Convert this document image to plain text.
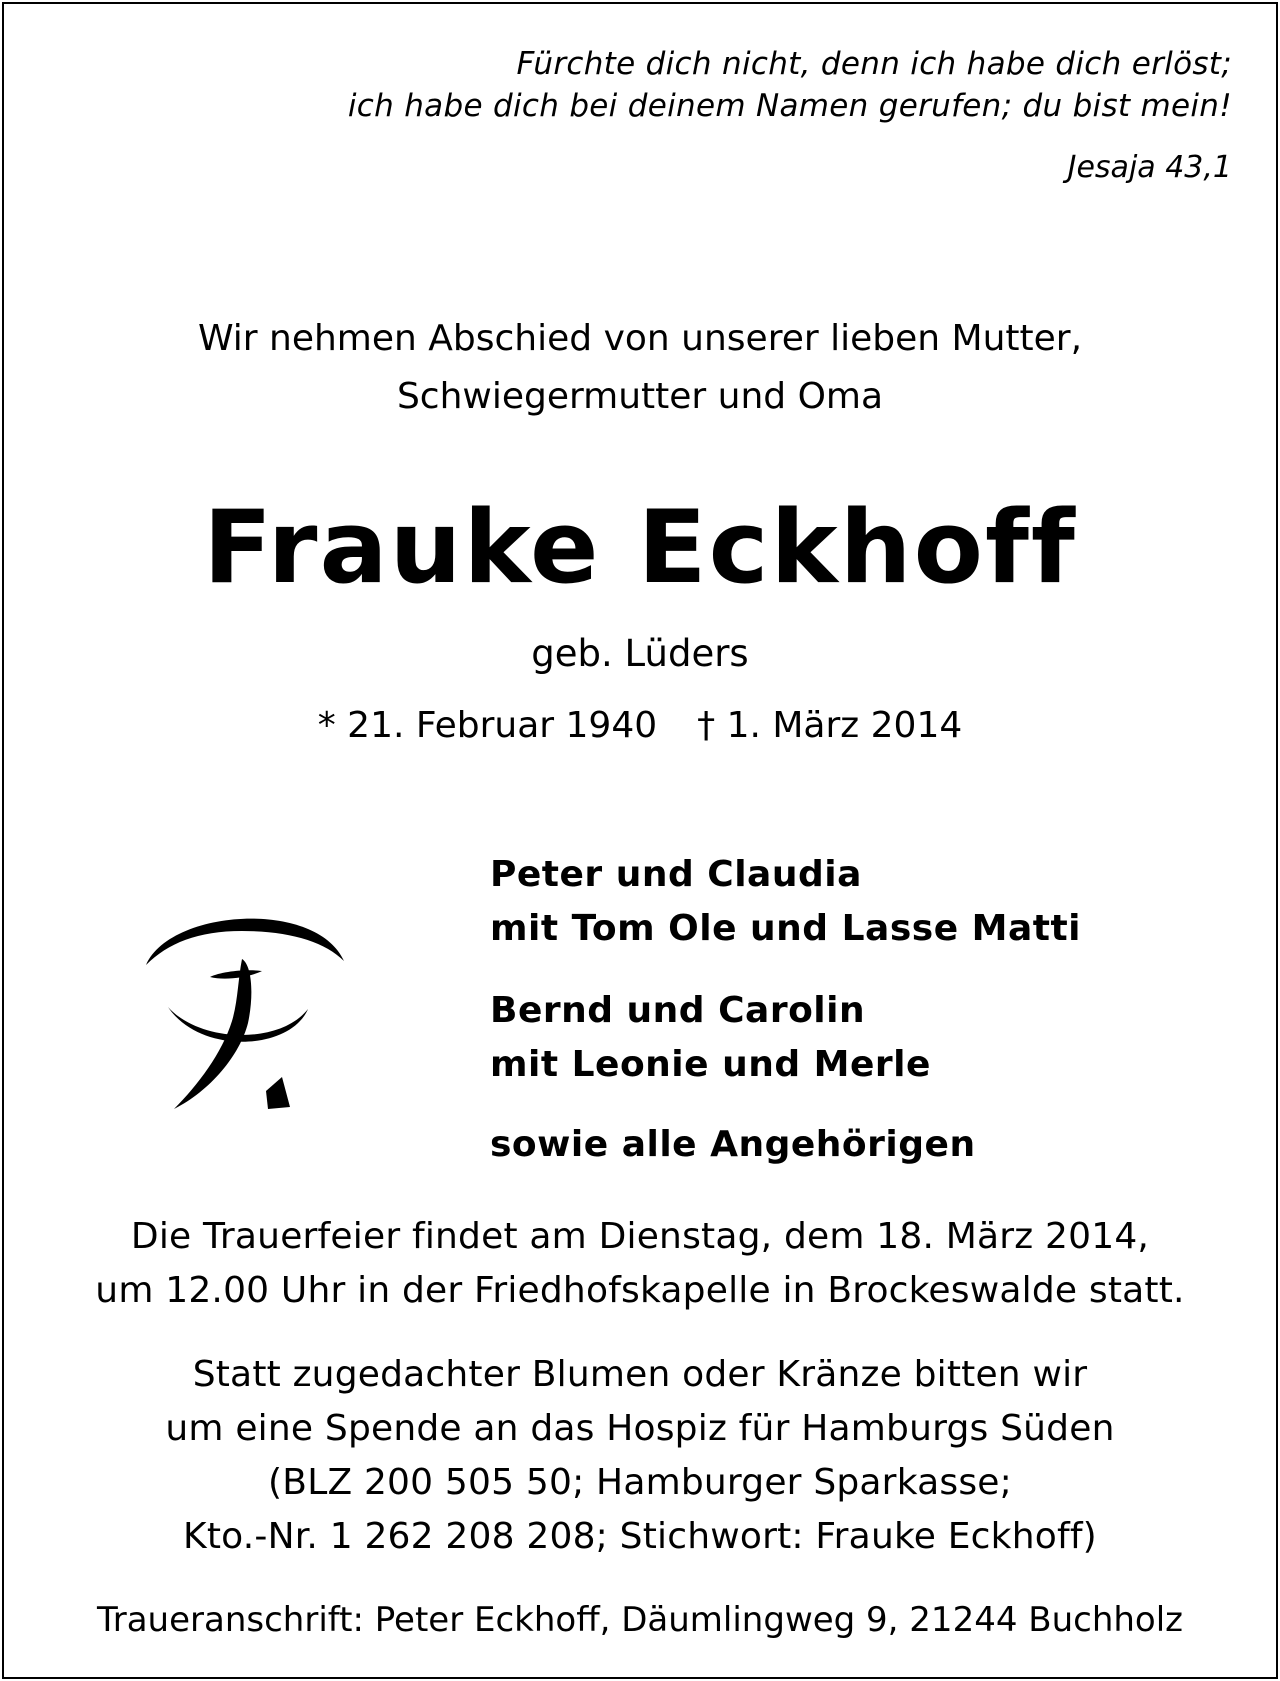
Fürchte dich nicht, denn ich habe dich erlöst;
ich habe dich bei deinem Namen gerufen; du bist mein!
Jesaja 43,1
Wir nehmen Abschied von unserer lieben Mutter,
Schwiegermutter und Oma
Frauke Eckhoff
geb. Lüders
* 21. Februar 1940 † 1. März 2014
Peter und Claudia
mit Tom Ole und Lasse Matti
Bernd und Carolin
mit Leonie und Merle
sowie alle Angehörigen
Die Trauerfeier findet am Dienstag, dem 18. März 2014,
um 12.00 Uhr in der Friedhofskapelle in Brockeswalde statt.
Statt zugedachter Blumen oder Kränze bitten wir
um eine Spende an das Hospiz für Hamburgs Süden
(BLZ 200 505 50; Hamburger Sparkasse;
Kto.-Nr. 1 262 208 208; Stichwort: Frauke Eckhoff)
Traueranschrift: Peter Eckhoff, Däumlingweg 9, 21244 Buchholz
